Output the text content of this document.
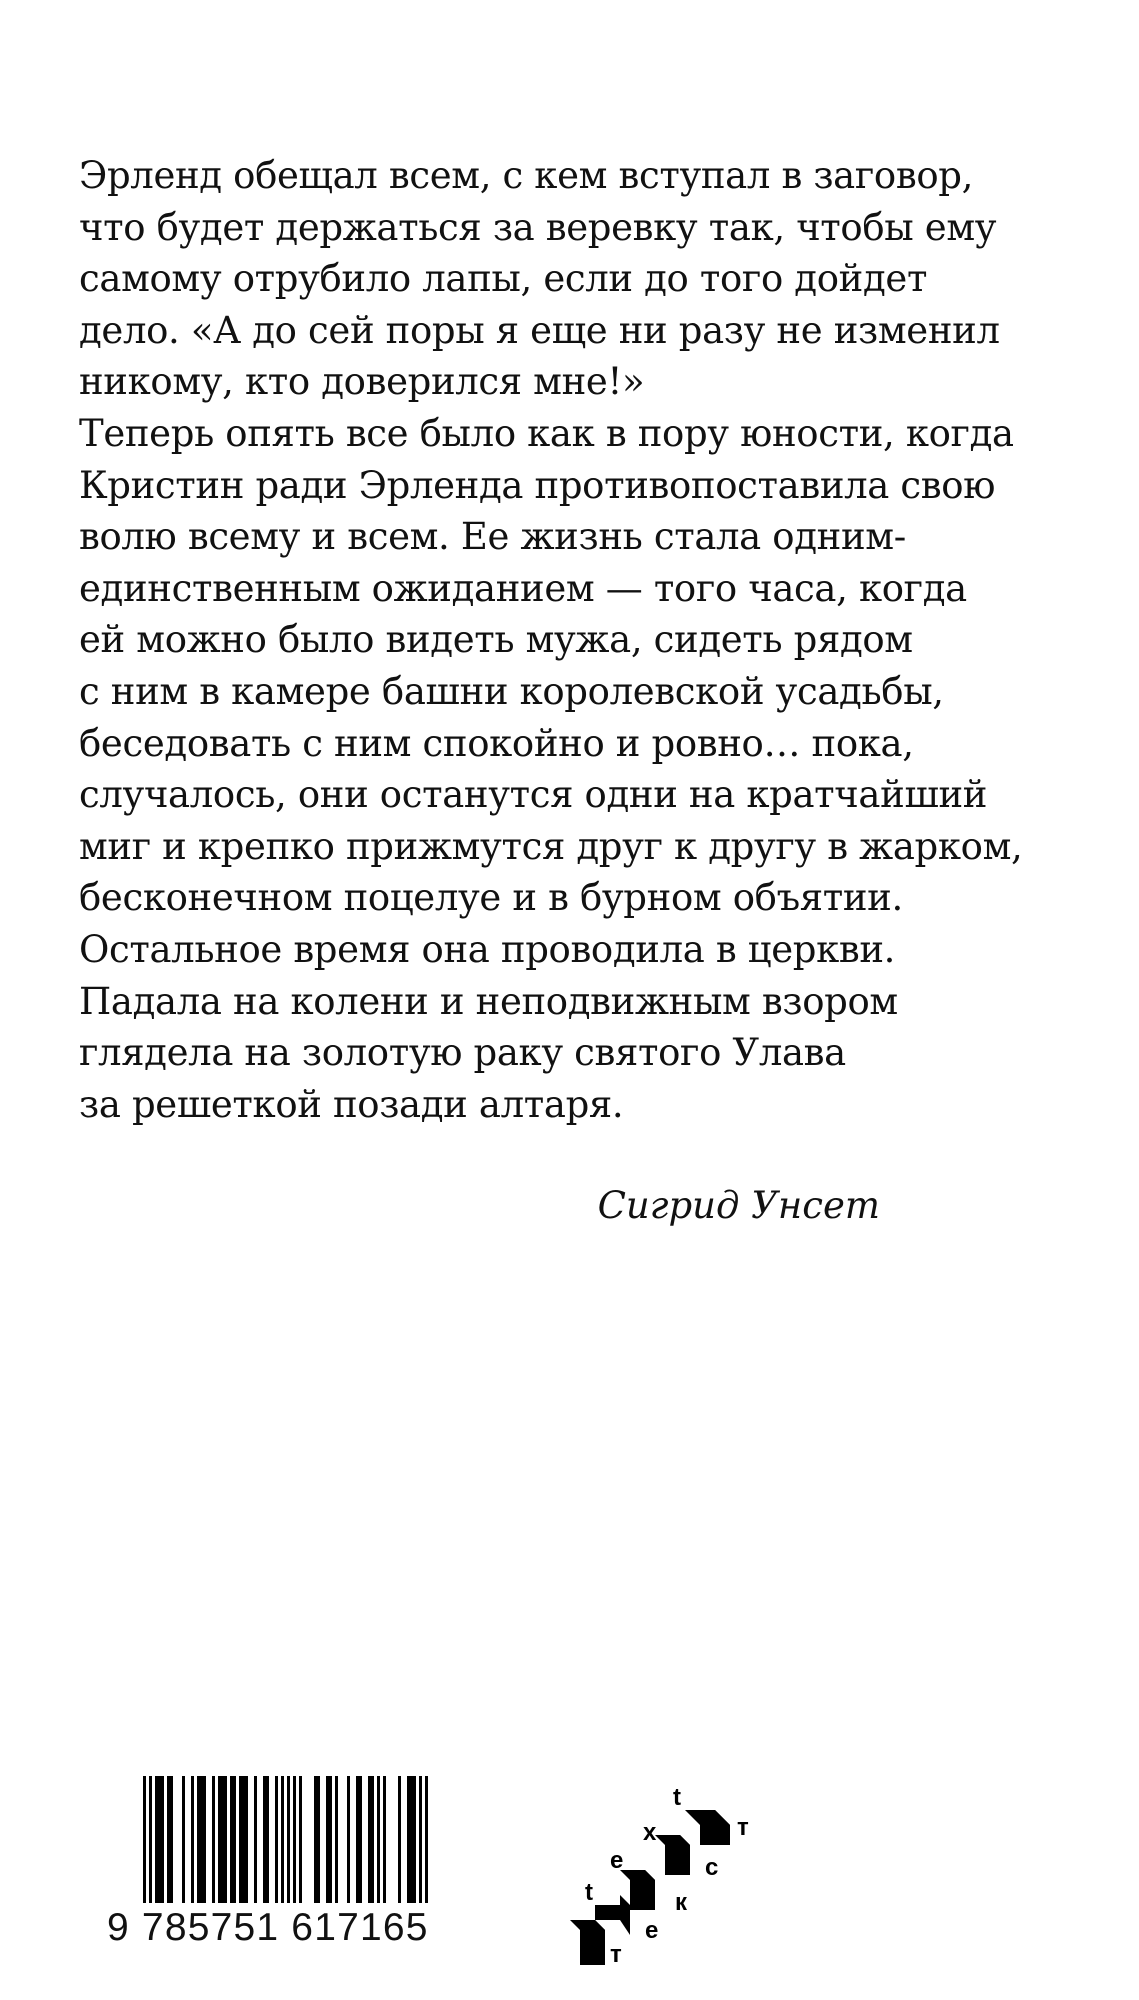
Эрленд обещал всем, с кем вступал в заговор,
что будет держаться за веревку так, чтобы ему
самому отрубило лапы, если до того дойдет
дело. «А до сей поры я еще ни разу не изменил
никому, кто доверился мне!»
Теперь опять все было как в пору юности, когда
Кристин ради Эрленда противопоставила свою
волю всему и всем. Ее жизнь стала одним-
единственным ожиданием — того часа, когда
ей можно было видеть мужа, сидеть рядом
с ним в камере башни королевской усадьбы,
беседовать с ним спокойно и ровно… пока,
случалось, они останутся одни на кратчайший
миг и крепко прижмутся друг к другу в жарком,
бесконечном поцелуе и в бурном объятии.
Остальное время она проводила в церкви.
Падала на колени и неподвижным взором
глядела на золотую раку святого Улава
за решеткой позади алтаря.
Сигрид Унсет
9 785751 617165
t
e
x
t
т
е
к
с
т
